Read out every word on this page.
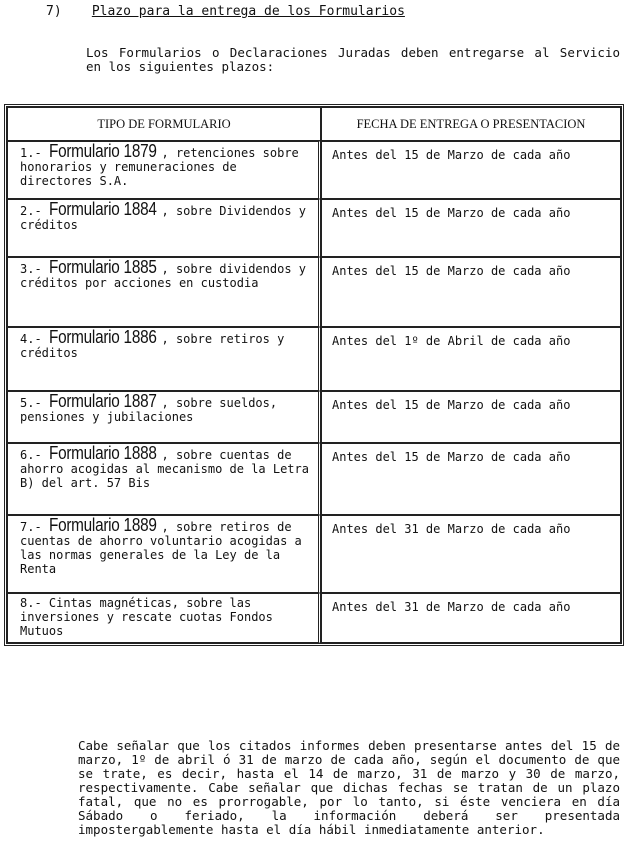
7) Plazo para la entrega de los Formularios
Los Formularios o Declaraciones Juradas deben entregarse al Servicio en los siguientes plazos:
TIPO DE FORMULARIO	FECHA DE ENTREGA O PRESENTACION
1.- Formulario 1879 , retenciones sobre honorarios y remuneraciones de directores S.A.	Antes del 15 de Marzo de cada año
2.- Formulario 1884 , sobre Dividendos y créditos	Antes del 15 de Marzo de cada año
3.- Formulario 1885 , sobre dividendos y créditos por acciones en custodia	Antes del 15 de Marzo de cada año
4.- Formulario 1886 , sobre retiros y créditos	Antes del 1º de Abril de cada año
5.- Formulario 1887 , sobre sueldos, pensiones y jubilaciones	Antes del 15 de Marzo de cada año
6.- Formulario 1888 , sobre cuentas de ahorro acogidas al mecanismo de la Letra B) del art. 57 Bis	Antes del 15 de Marzo de cada año
7.- Formulario 1889 , sobre retiros de cuentas de ahorro voluntario acogidas a las normas generales de la Ley de la Renta	Antes del 31 de Marzo de cada año
8.- Cintas magnéticas, sobre las inversiones y rescate cuotas Fondos Mutuos	Antes del 31 de Marzo de cada año
Cabe señalar que los citados informes deben presentarse antes del 15 de marzo, 1º de abril ó 31 de marzo de cada año, según el documento de que se trate, es decir, hasta el 14 de marzo, 31 de marzo y 30 de marzo, respectivamente. Cabe señalar que dichas fechas se tratan de un plazo fatal, que no es prorrogable, por lo tanto, si éste venciera en día Sábado o feriado, la información deberá ser presentada impostergablemente hasta el día hábil inmediatamente anterior.
